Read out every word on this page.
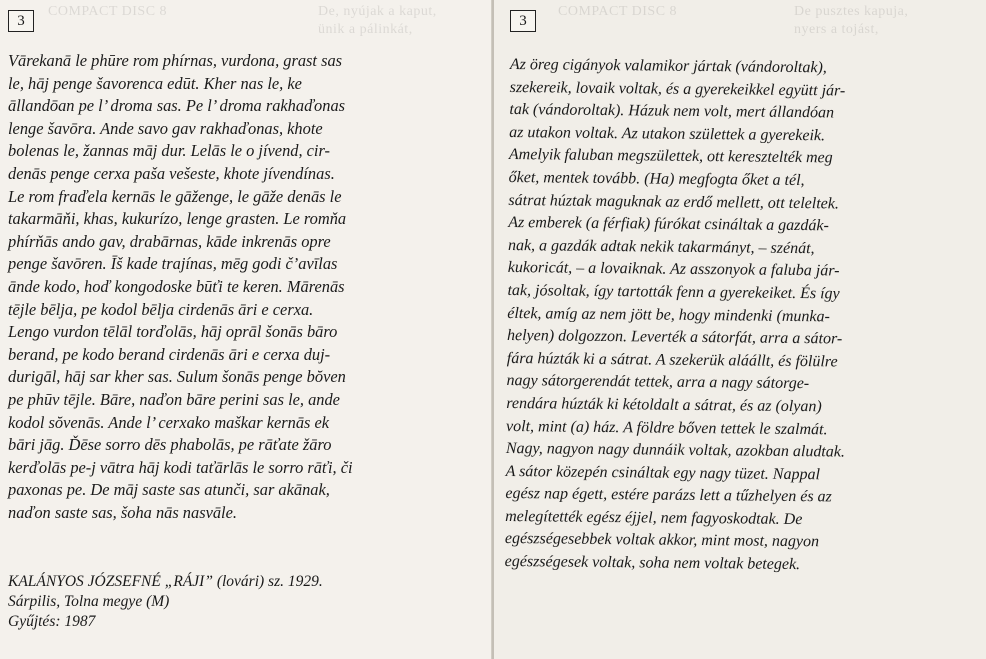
COMPACT DISC 8	De, nyújak a kaput,
ünik a pálinkát,
3
Vārekanā le phūre rom phírnas, vurdona, grast sas
le, hāj penge šavorenca edūt. Kher nas le, ke
āllandōan pe l’ droma sas. Pe l’ droma rakhaďonas
lenge šavōra. Ande savo gav rakhaďonas, khote
bolenas le, žannas māj dur. Lelās le o jívend, cir-
denās penge cerxa paša vešeste, khote jívendínas.
Le rom fraďela kernās le gāženge, le gāže denās le
takarmāňi, khas, kukurízo, lenge grasten. Le romňa
phírňās ando gav, drabārnas, kāde inkrenās opre
penge šavōren. Īš kade trajínas, mēg godi č’avīlas
ānde kodo, hoď kongodoske būťi te keren. Mārenās
tējle bēlja, pe kodol bēlja cirdenās āri e cerxa.
Lengo vurdon tēlāl torďolās, hāj oprāl šonās bāro
berand, pe kodo berand cirdenās āri e cerxa duj-
durigāl, hāj sar kher sas. Sulum šonās penge bŏven
pe phūv tējle. Bāre, naďon bāre perini sas le, ande
kodol sŏvenās. Ande l’ cerxako maškar kernās ek
bāri jāg. Ďēse sorro dēs phabolās, pe rāťate žāro
kerďolās pe-j vātra hāj kodi taťārlās le sorro rāťi, či
paxonas pe. De māj saste sas atunči, sar akānak,
naďon saste sas, šoha nās nasvāle.
KALÁNYOS JÓZSEFNÉ „RÁJI” (lovári) sz. 1929.
Sárpilis, Tolna megye (M)
Gyűjtés: 1987
COMPACT DISC 8	De pusztes kapuja,
nyers a tojást,
3
Az öreg cigányok valamikor jártak (vándoroltak),
szekereik, lovaik voltak, és a gyerekeikkel együtt jár-
tak (vándoroltak). Házuk nem volt, mert állandóan
az utakon voltak. Az utakon születtek a gyerekeik.
Amelyik faluban megszülettek, ott keresztelték meg
őket, mentek tovább. (Ha) megfogta őket a tél,
sátrat húztak maguknak az erdő mellett, ott teleltek.
Az emberek (a férfiak) fúrókat csináltak a gazdák-
nak, a gazdák adtak nekik takarmányt, – szénát,
kukoricát, – a lovaiknak. Az asszonyok a faluba jár-
tak, jósoltak, így tartották fenn a gyerekeiket. És így
éltek, amíg az nem jött be, hogy mindenki (munka-
helyen) dolgozzon. Leverték a sátorfát, arra a sátor-
fára húzták ki a sátrat. A szekerük aláállt, és fölülre
nagy sátorgerendát tettek, arra a nagy sátorge-
rendára húzták ki kétoldalt a sátrat, és az (olyan)
volt, mint (a) ház. A földre bőven tettek le szalmát.
Nagy, nagyon nagy dunnáik voltak, azokban aludtak.
A sátor közepén csináltak egy nagy tüzet. Nappal
egész nap égett, estére parázs lett a tűzhelyen és az
melegítették egész éjjel, nem fagyoskodtak. De
egészségesebbek voltak akkor, mint most, nagyon
egészségesek voltak, soha nem voltak betegek.
